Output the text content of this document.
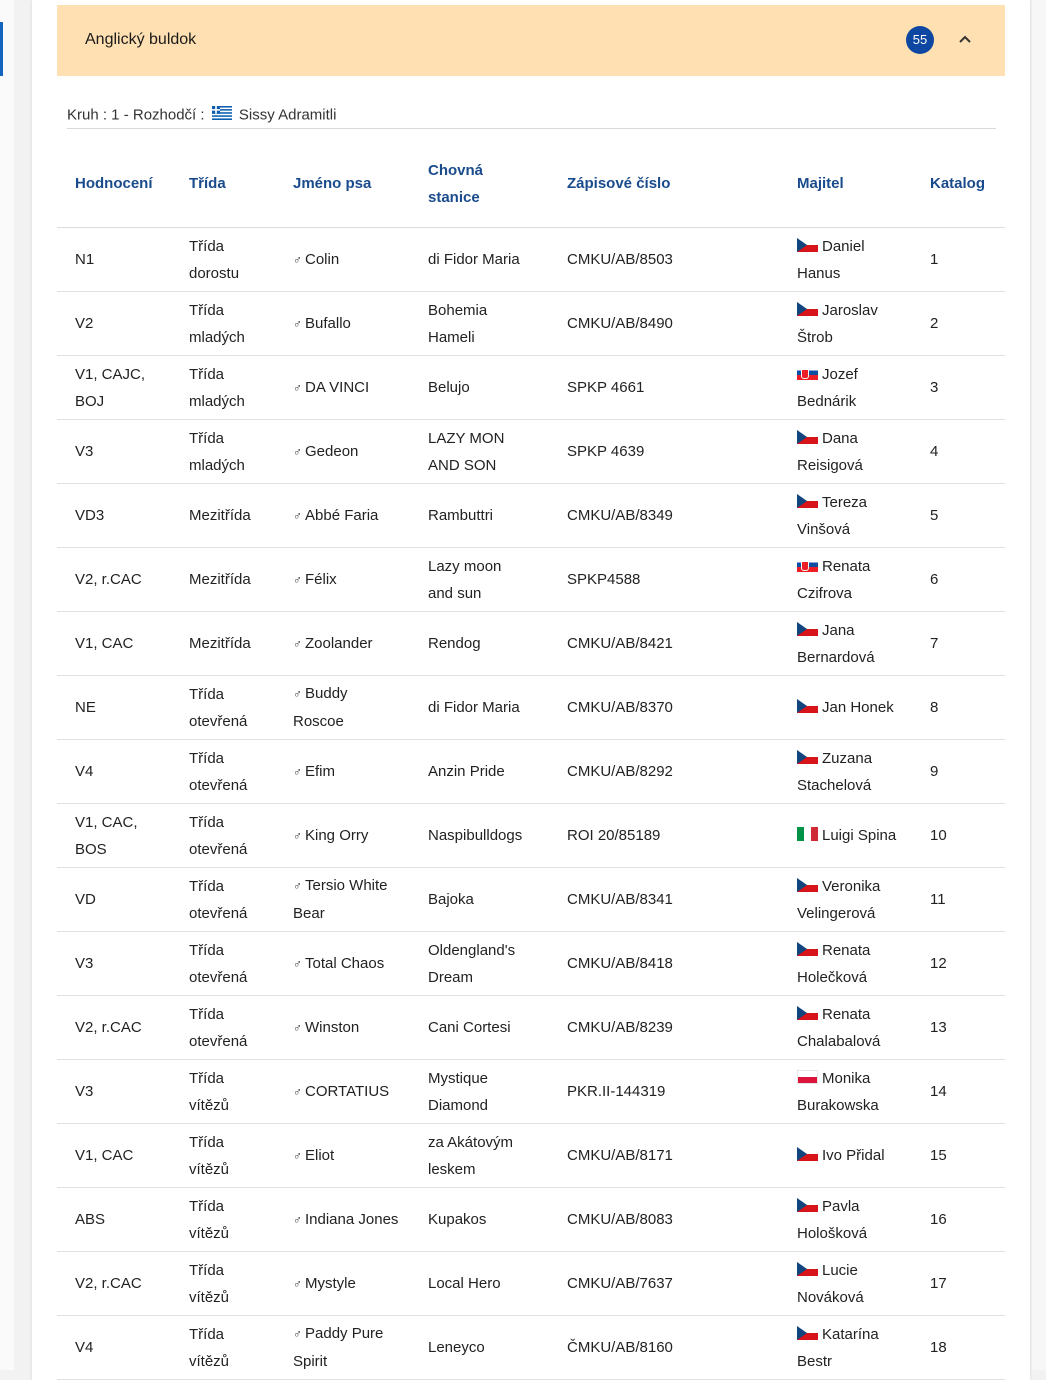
Anglický buldok	55
Kruh : 1 - Rozhodčí : Sissy Adramitli
Hodnocení	Třída	Jméno psa	Chovná stanice	Zápisové číslo	Majitel	Katalog
N1	Třída dorostu	♂ Colin	di Fidor Maria	CMKU/AB/8503	Daniel Hanus	1
V2	Třída mladých	♂ Bufallo	Bohemia Hameli	CMKU/AB/8490	Jaroslav Štrob	2
V1, CAJC, BOJ	Třída mladých	♂ DA VINCI	Belujo	SPKP 4661	Jozef Bednárik	3
V3	Třída mladých	♂ Gedeon	LAZY MON AND SON	SPKP 4639	Dana Reisigová	4
VD3	Mezitřída	♂ Abbé Faria	Rambuttri	CMKU/AB/8349	Tereza Vinšová	5
V2, r.CAC	Mezitřída	♂ Félix	Lazy moon and sun	SPKP4588	Renata Czifrova	6
V1, CAC	Mezitřída	♂ Zoolander	Rendog	CMKU/AB/8421	Jana Bernardová	7
NE	Třída otevřená	♂ Buddy Roscoe	di Fidor Maria	CMKU/AB/8370	Jan Honek	8
V4	Třída otevřená	♂ Efim	Anzin Pride	CMKU/AB/8292	Zuzana Stachelová	9
V1, CAC, BOS	Třída otevřená	♂ King Orry	Naspibulldogs	ROI 20/85189	Luigi Spina	10
VD	Třída otevřená	♂ Tersio White Bear	Bajoka	CMKU/AB/8341	Veronika Velingerová	11
V3	Třída otevřená	♂ Total Chaos	Oldengland's Dream	CMKU/AB/8418	Renata Holečková	12
V2, r.CAC	Třída otevřená	♂ Winston	Cani Cortesi	CMKU/AB/8239	Renata Chalabalová	13
V3	Třída vítězů	♂ CORTATIUS	Mystique Diamond	PKR.II-144319	Monika Burakowska	14
V1, CAC	Třída vítězů	♂ Eliot	za Akátovým leskem	CMKU/AB/8171	Ivo Přidal	15
ABS	Třída vítězů	♂ Indiana Jones	Kupakos	CMKU/AB/8083	Pavla Hološková	16
V2, r.CAC	Třída vítězů	♂ Mystyle	Local Hero	CMKU/AB/7637	Lucie Nováková	17
V4	Třída vítězů	♂ Paddy Pure Spirit	Leneyco	ČMKU/AB/8160	Katarína Bestr	18
